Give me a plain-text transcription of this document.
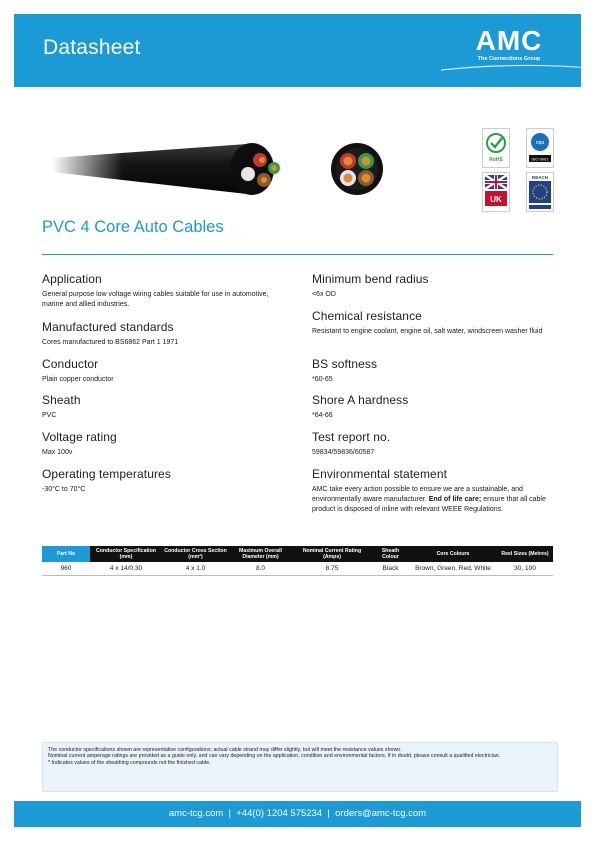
Datasheet	AMC
The Connections Group
RoHS
nqa
ISO 9001
UK
REACH
PVC 4 Core Auto Cables
Application

General purpose low voltage wiring cables suitable for use in automotive, marine and allied industries.

Manufactured standards

Cores manufactured to BS6862 Part 1 1971

Conductor

Plain copper conductor

Sheath

PVC

Voltage rating

Max 100v

Operating temperatures

-30°C to 70°C

Minimum bend radius

<6x OD

Chemical resistance

Resistant to engine coolant, engine oil, salt water, windscreen washer fluid

BS softness

*60-65

Shore A hardness

*64-66

Test report no.

59834/59836/60587

Environmental statement

AMC take every action possible to ensure we are a sustainable, and environmentally aware manufacturer. End of life care; ensure that all cable product is disposed of inline with relevant WEEE Regulations.

Part No	Conductor Specification (mm)	Conductor Cross Section (mm²)	Maximum Overall Diameter (mm)	Nominal Current Rating (Amps)	Sheath Colour	Core Colours	Reel Sizes (Metres)
960	4 x 14/0.30	4 x 1.0	8.0	8.75	Black	Brown, Green, Red, White	30, 100
The conductor specifications shown are representative configurations; actual cable strand may differ slightly, but will meet the resistance values shown.
Nominal current amperage ratings are provided as a guide only, and can vary depending on the application, condition and environmental factors. If in doubt, please consult a qualified electrician.
* Indicates values of the sheathing compounds not the finished cable.
amc-tcg.com  |  +44(0) 1204 575234  |  orders@amc-tcg.com
